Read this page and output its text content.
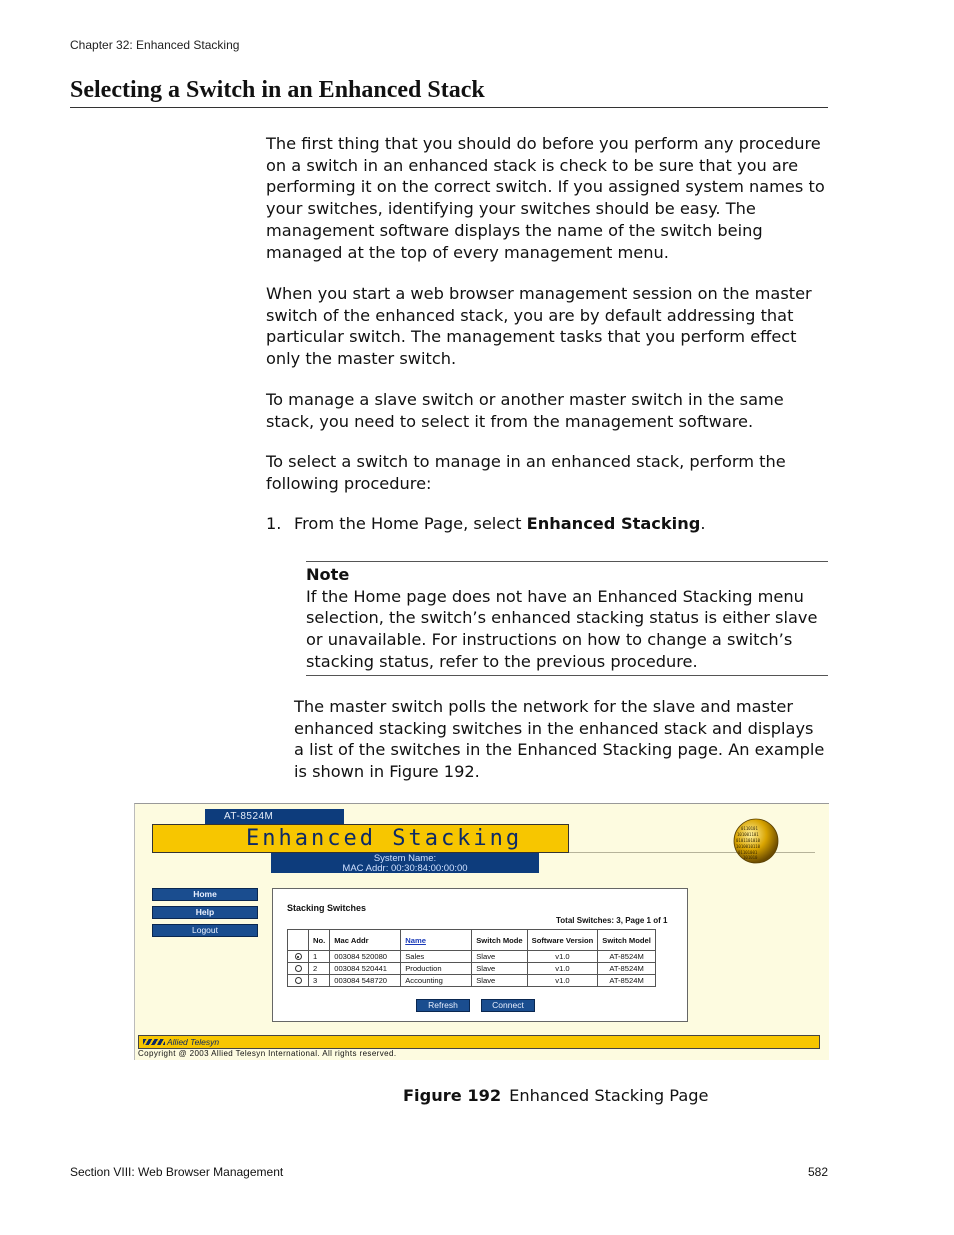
Chapter 32: Enhanced Stacking
Selecting a Switch in an Enhanced Stack
The first thing that you should do before you perform any procedure on a switch in an enhanced stack is check to be sure that you are performing it on the correct switch. If you assigned system names to your switches, identifying your switches should be easy. The management software displays the name of the switch being managed at the top of every management menu.
When you start a web browser management session on the master switch of the enhanced stack, you are by default addressing that particular switch. The management tasks that you perform effect only the master switch.
To manage a slave switch or another master switch in the same stack, you need to select it from the management software.
To select a switch to manage in an enhanced stack, perform the following procedure:
1. From the Home Page, select Enhanced Stacking.
Note
If the Home page does not have an Enhanced Stacking menu selection, the switch’s enhanced stacking status is either slave or unavailable. For instructions on how to change a switch’s stacking status, refer to the previous procedure.
The master switch polls the network for the slave and master enhanced stacking switches in the enhanced stack and displays a list of the switches in the Enhanced Stacking page. An example is shown in Figure 192.
AT-8524M
Enhanced Stacking
System Name:
MAC Addr: 00:30:84:00:00:00
0110101
101001101
0101101010
1010010110
01101001
101010
Home
Help
Logout
Stacking Switches
Total Switches: 3, Page 1 of 1
	No.	Mac Addr	Name	Switch Mode	Software Version	Switch Model
	1	003084 520080	Sales	Slave	v1.0	AT-8524M
	2	003084 520441	Production	Slave	v1.0	AT-8524M
	3	003084 548720	Accounting	Slave	v1.0	AT-8524M
Refresh	Connect
Allied Telesyn
Copyright @ 2003 Allied Telesyn International. All rights reserved.
Figure 192 Enhanced Stacking Page
Section VIII: Web Browser Management	582
